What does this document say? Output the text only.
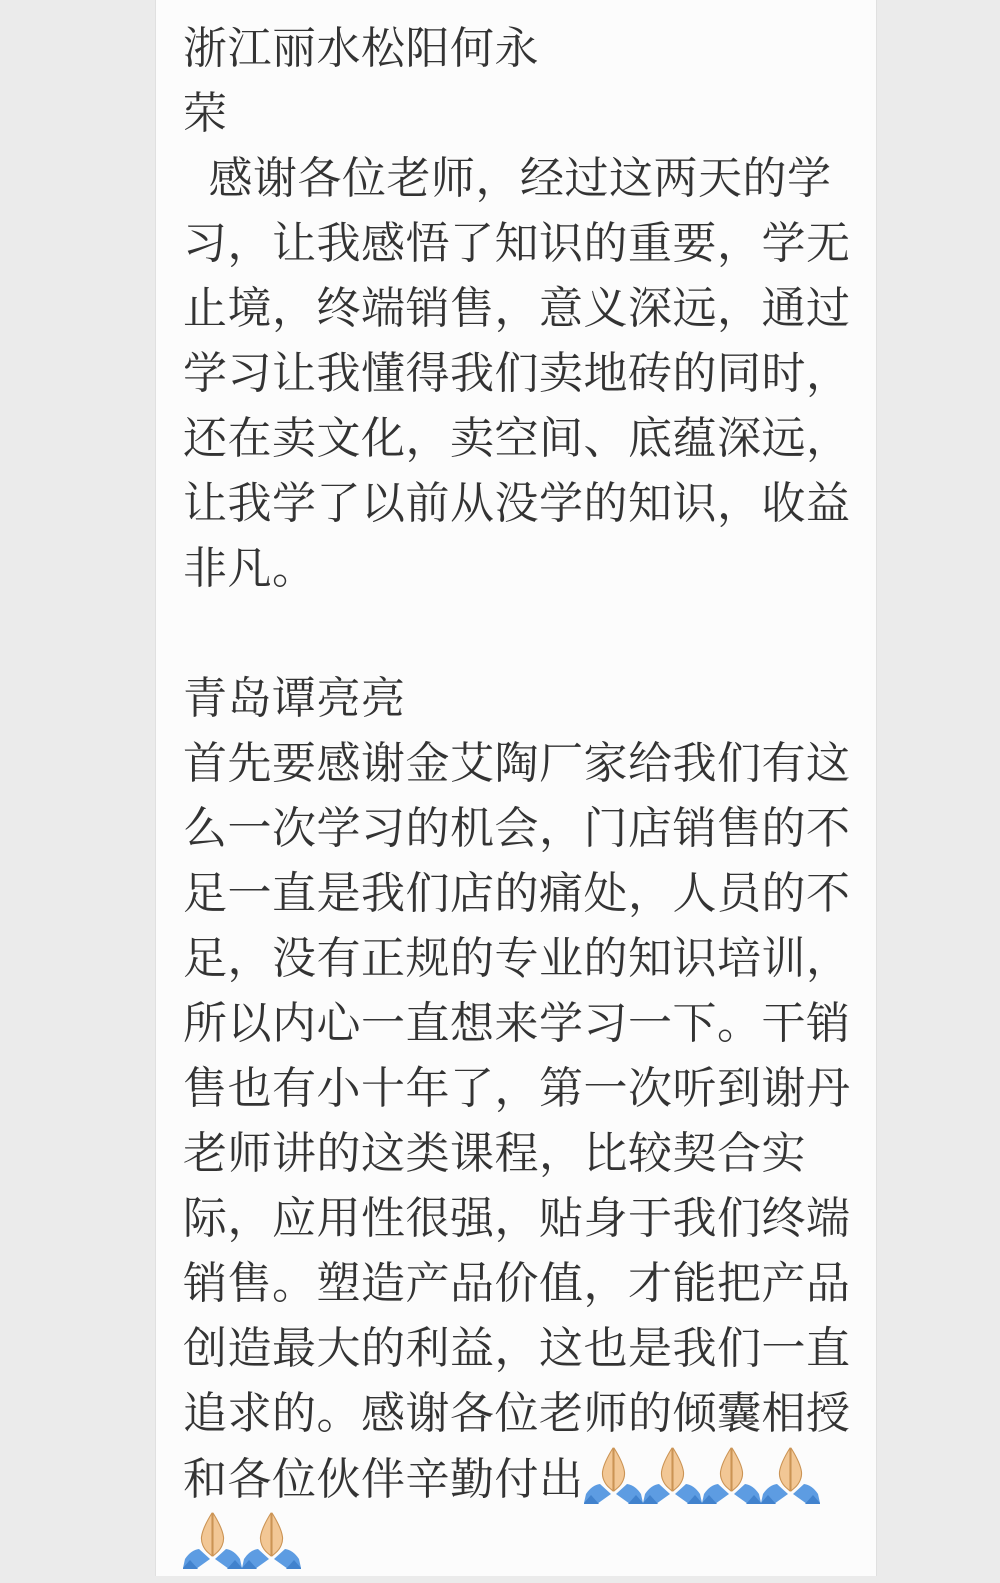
浙江丽水松阳何永
荣
感谢各位老师，经过这两天的学
习，让我感悟了知识的重要，学无
止境，终端销售，意义深远，通过
学习让我懂得我们卖地砖的同时，
还在卖文化，卖空间、底蕴深远，
让我学了以前从没学的知识，收益
非凡。
青岛谭亮亮
首先要感谢金艾陶厂家给我们有这
么一次学习的机会，门店销售的不
足一直是我们店的痛处，人员的不
足，没有正规的专业的知识培训，
所以内心一直想来学习一下。干销
售也有小十年了，第一次听到谢丹
老师讲的这类课程，比较契合实
际，应用性很强，贴身于我们终端
销售。塑造产品价值，才能把产品
创造最大的利益，这也是我们一直
追求的。感谢各位老师的倾囊相授
和各位伙伴辛勤付出
